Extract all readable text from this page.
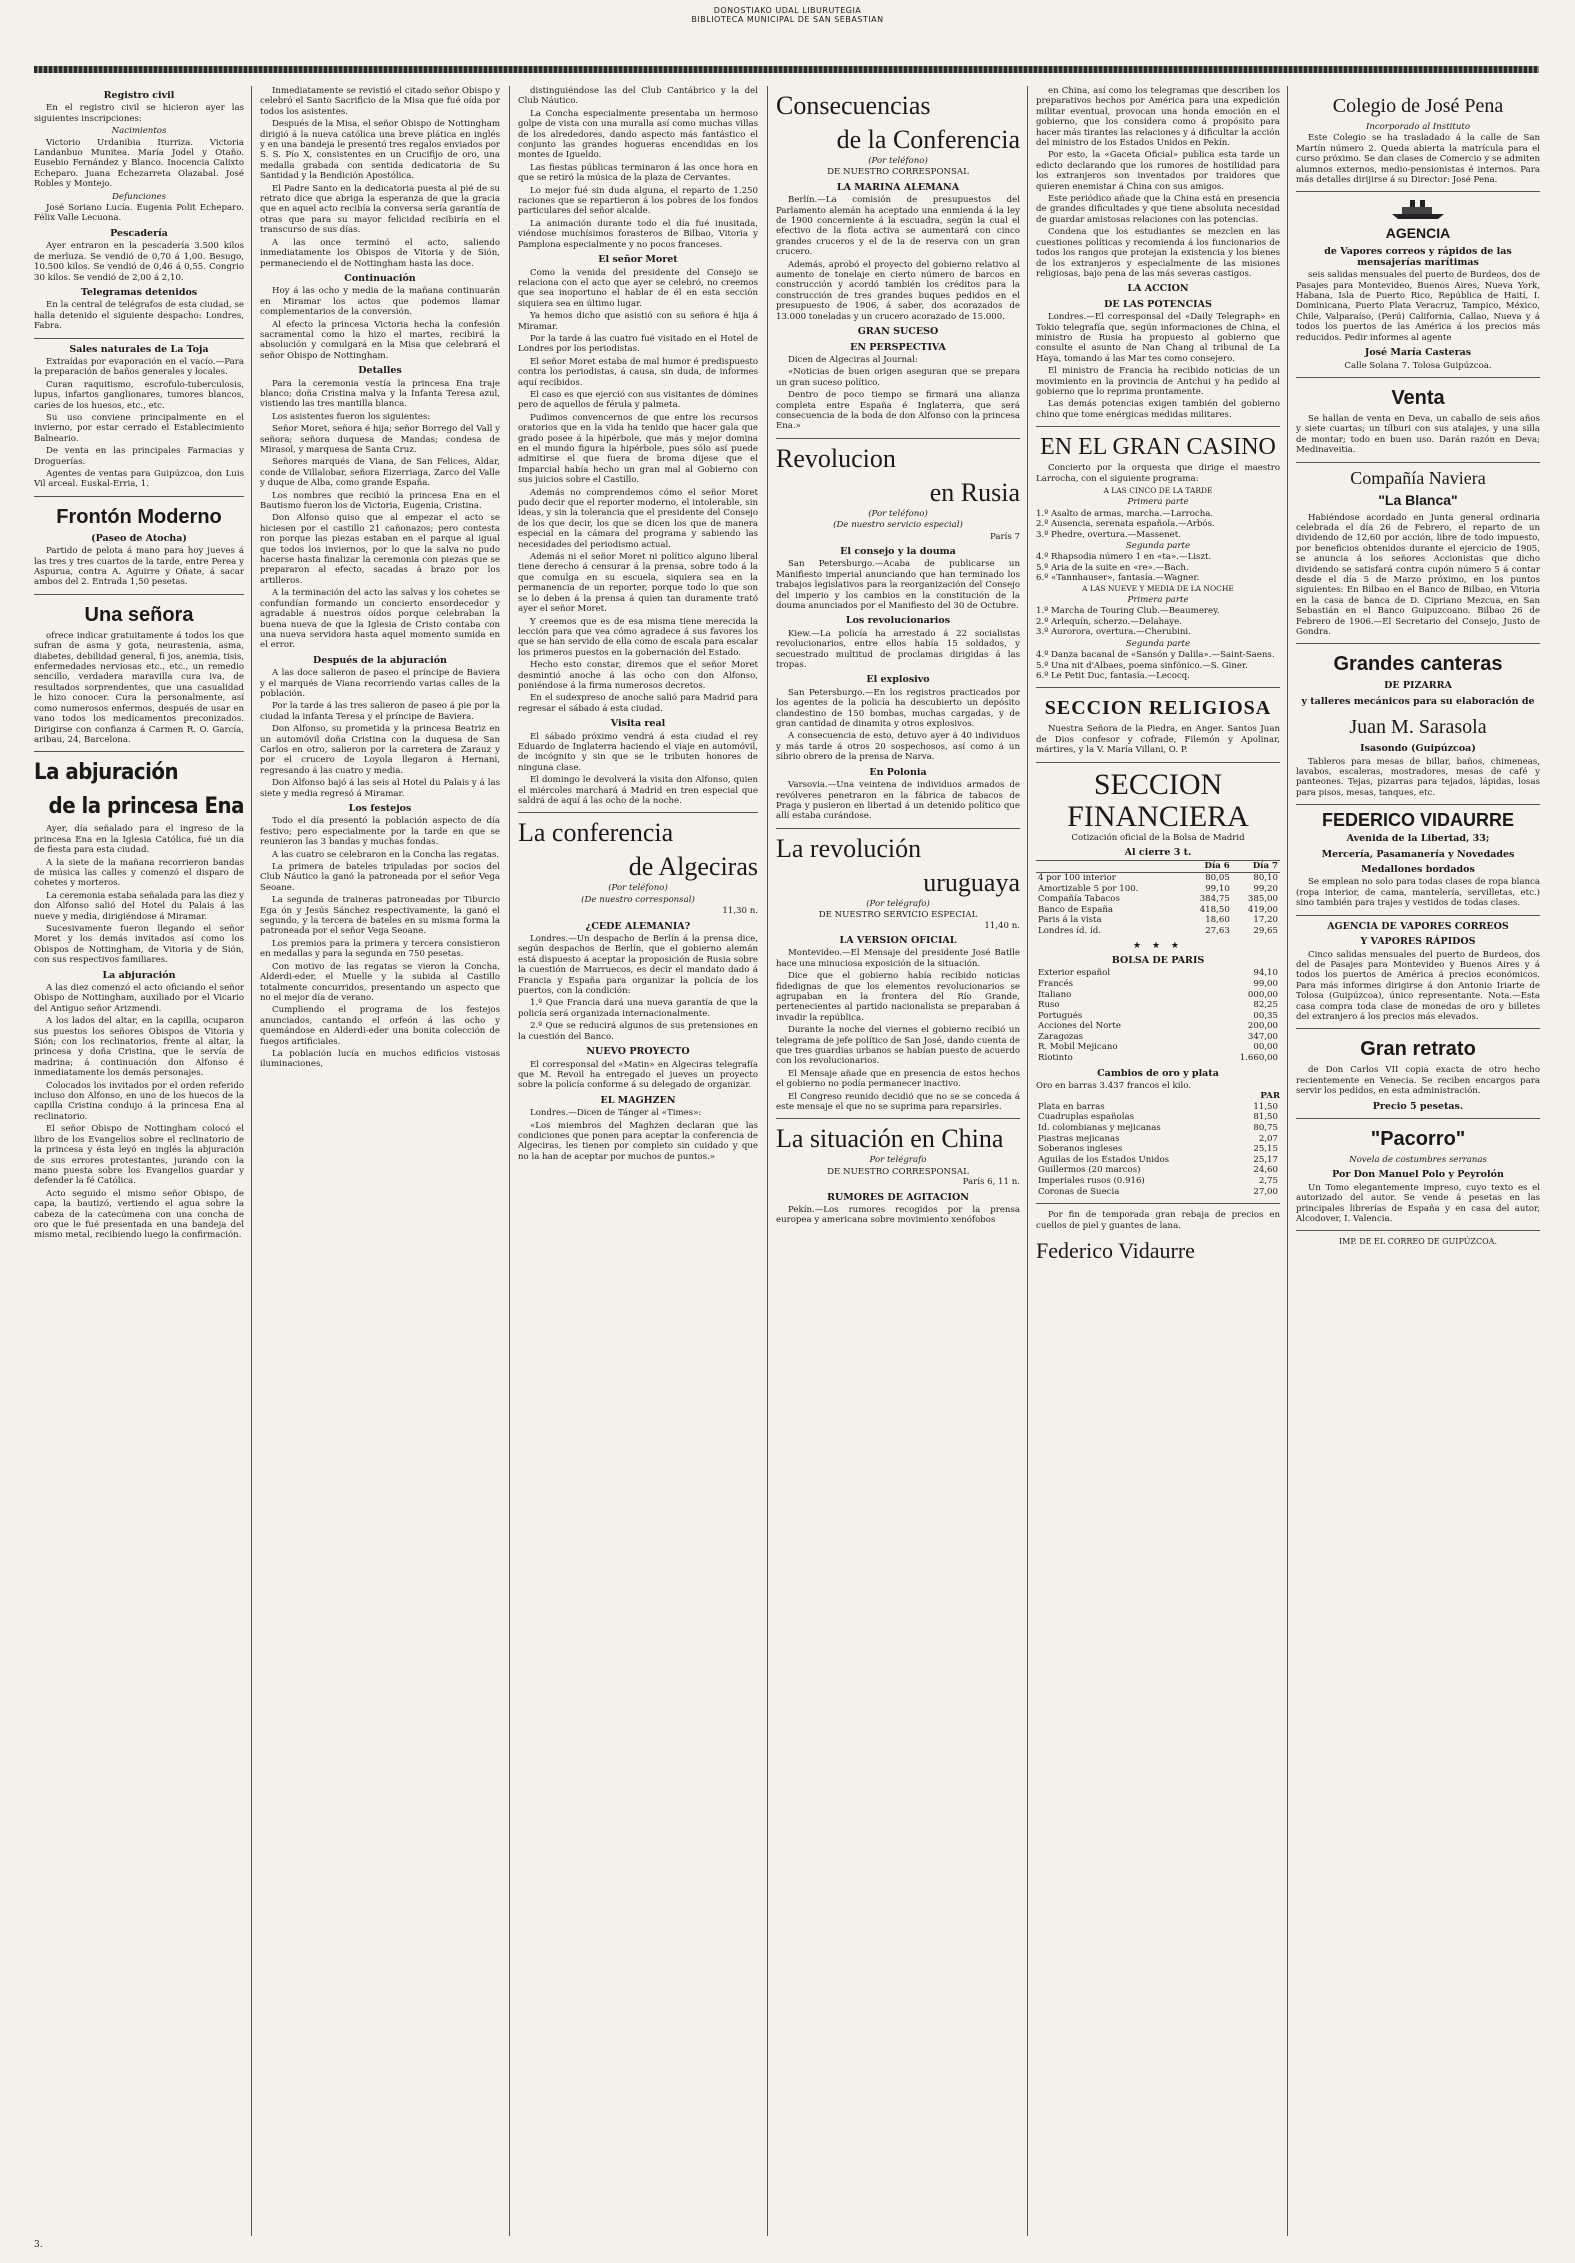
DONOSTIAKO UDAL LIBURUTEGIA
BIBLIOTECA MUNICIPAL DE SAN SEBASTIAN
Registro civil

En el registro civil se hicieron ayer las siguientes inscripciones:

Nacimientos

Victorio Urdanibia Iturriza. Victoria Landanbuo Munitea. María Jodel y Otaño. Eusebio Fernández y Blanco. Inocencia Calixto Echeparo. Juana Echezarreta Olazabal. José Robles y Montejo.

Defunciones

José Soriano Lucía. Eugenia Polit Echeparo. Félix Valle Lecuona.

Pescadería

Ayer entraron en la pescadería 3.500 kilos de merluza. Se vendió de 0,70 á 1,00. Besugo, 10.500 kilos. Se vendió de 0,46 á 0,55. Congrio 30 kilos. Se vendió de 2,00 á 2,10.

Telegramas detenidos

En la central de telégrafos de esta ciudad, se halla detenido el siguiente despacho: Londres, Fabra.

Sales naturales de La Toja

Extraídas por evaporación en el vacío.—Para la preparación de baños generales y locales.

Curan raquitismo, escrofulo-tuberculosis, lupus, infartos ganglionares, tumores blancos, caries de los huesos, etc., etc.

Su uso conviene principalmente en el invierno, por estar cerrado el Establecimiento Balneario.

De venta en las principales Farmacias y Droguerías.

Agentes de ventas para Guipúzcoa, don Luis Vil arceal. Euskal-Erria, 1.

Frontón Moderno
(Paseo de Atocha)

Partido de pelota á mano para hoy jueves á las tres y tres cuartos de la tarde, entre Perea y Aspurua, contra A. Aguirre y Oñate, á sacar ambos del 2. Entrada 1,50 pesetas.

Una señora

ofrece indicar gratuitamente á todos los que sufran de asma y gota, neurastenia, asma, diabetes, debilidad general, fi jos, anemia, tisis, enfermedades nerviosas etc., etc., un remedio sencillo, verdadera maravilla cura iva, de resultados sorprendentes, que una casualidad le hizo conocer. Cura la personalmente, así como numerosos enfermos, después de usar en vano todos los medicamentos preconizados. Dirigirse con confianza á Carmen R. O. García, aribau, 24, Barcelona.

La abjuración
de la princesa Ena

Ayer, día señalado para el ingreso de la princesa Ena en la Iglesia Católica, fué un día de fiesta para esta ciudad.

A la siete de la mañana recorrieron bandas de música las calles y comenzó el disparo de cohetes y morteros.

La ceremonia estaba señalada para las diez y don Alfonso salió del Hotel du Palais á las nueve y media, dirigiéndose á Miramar.

Sucesivamente fueron llegando el señor Moret y los demás invitados así como los Obispos de Nottingham, de Vitoria y de Sión, con sus respectivos familiares.

La abjuración

A las diez comenzó el acto oficiando el señor Obispo de Nottingham, auxiliado por el Vicario del Antiguo señor Arizmendi.

A los lados del altar, en la capilla, ocuparon sus puestos los señores Obispos de Vitoria y Sión; con los reclinatorios, frente al altar, la princesa y doña Cristina, que le servía de madrina; á continuación don Alfonso é inmediatamente los demás personajes.

Colocados los invitados por el orden referido incluso don Alfonso, en uno de los huecos de la capilla Cristina condujo á la princesa Ena al reclinatorio.

El señor Obispo de Nottingham colocó el libro de los Evangelios sobre el reclinatorio de la princesa y ésta leyó en inglés la abjuración de sus errores protestantes, jurando con la mano puesta sobre los Evangelios guardar y defender la fé Católica.

Acto seguido el mismo señor Obispo, de capa, la bautizó, vertiendo el agua sobre la cabeza de la catecúmena con una concha de oro que le fué presentada en una bandeja del mismo metal, recibiendo luego la confirmación.

Inmediatamente se revistió el citado señor Obispo y celebró el Santo Sacrificio de la Misa que fué oída por todos los asistentes.

Después de la Misa, el señor Obispo de Nottingham dirigió á la nueva católica una breve plática en inglés y en una bandeja le presentó tres regalos enviados por S. S. Pío X, consistentes en un Crucifijo de oro, una medalla grabada con sentida dedicatoria de Su Santidad y la Bendición Apostólica.

El Padre Santo en la dedicatoria puesta al pié de su retrato dice que abriga la esperanza de que la gracia que en aquel acto recibía la conversa sería garantía de otras que para su mayor felicidad recibiría en el transcurso de sus días.

A las once terminó el acto, saliendo inmediatamente los Obispos de Vitoria y de Sión, permaneciendo el de Nottingham hasta las doce.

Continuación

Hoy á las ocho y media de la mañana continuarán en Miramar los actos que podemos llamar complementarios de la conversión.

Al efecto la princesa Victoria hecha la confesión sacramental como la hizo el martes, recibirá la absolución y comulgará en la Misa que celebrará el señor Obispo de Nottingham.

Detalles

Para la ceremonia vestía la princesa Ena traje blanco; doña Cristina malva y la Infanta Teresa azul, vistiendo las tres mantilla blanca.

Los asistentes fueron los siguientes:

Señor Moret, señora é hija; señor Borrego del Vall y señora; señora duquesa de Mandas; condesa de Mirasol, y marquesa de Santa Cruz.

Señores marqués de Viana, de San Felices, Aldar, conde de Villalobar, señora Eizerriaga, Zarco del Valle y duque de Alba, como grande España.

Los nombres que recibió la princesa Ena en el Bautismo fueron los de Victoria, Eugenia, Cristina.

Don Alfonso quiso que al empezar el acto se hiciesen por el castillo 21 cañonazos; pero contesta ron porque las piezas estaban en el parque al igual que todos los inviernos, por lo que la salva no pudo hacerse hasta finalizar la ceremonia con piezas que se prepararon al efecto, sacadas á brazo por los artilleros.

A la terminación del acto las salvas y los cohetes se confundían formando un concierto ensordecedor y agradable á nuestros oídos porque celebraban la buena nueva de que la Iglesia de Cristo contaba con una nueva servidora hasta aquel momento sumida en el error.

Después de la abjuración

A las doce salieron de paseo el príncipe de Baviera y el marqués de Viana recorriendo varias calles de la población.

Por la tarde á las tres salieron de paseo á pie por la ciudad la infanta Teresa y el príncipe de Baviera.

Don Alfonso, su prometida y la princesa Beatriz en un automóvil doña Cristina con la duquesa de San Carlos en otro, salieron por la carretera de Zarauz y por el crucero de Loyola llegaron á Hernani, regresando á las cuatro y media.

Don Alfonso bajó á las seis al Hotel du Palais y á las siete y media regresó á Miramar.

Los festejos

Todo el día presentó la población aspecto de día festivo; pero especialmente por la tarde en que se reunieron las 3 bandas y muchas fondas.

A las cuatro se celebraron en la Concha las regatas.

La primera de bateles tripuladas por socios del Club Náutico la ganó la patroneada por el señor Vega Seoane.

La segunda de traineras patroneadas por Tiburcio Ega ón y Jesús Sánchez respectivamente, la ganó el segundo, y la tercera de bateles en su misma forma la patroneada por el señor Vega Seoane.

Los premios para la primera y tercera consistieron en medallas y para la segunda en 750 pesetas.

Con motivo de las regatas se vieron la Concha, Alderdi-eder, el Muelle y la subida al Castillo totalmente concurridos, presentando un aspecto que no el mejor día de verano.

Cumpliendo el programa de los festejos anunciados, cantando el orfeón á las ocho y quemándose en Alderdi-eder una bonita colección de fuegos artificiales.

La población lucía en muchos edificios vistosas iluminaciones,

distinguiéndose las del Club Cantábrico y la del Club Náutico.

La Concha especialmente presentaba un hermoso golpe de vista con una muralla así como muchas villas de los alrededores, dando aspecto más fantástico el conjunto las grandes hogueras encendidas en los montes de Igueldo.

Las fiestas públicas terminaron á las once hora en que se retiró la música de la plaza de Cervantes.

Lo mejor fué sin duda alguna, el reparto de 1.250 raciones que se repartieron á los pobres de los fondos particulares del señor alcalde.

La animación durante todo el día fué inusitada, viéndose muchísimos forasteros de Bilbao, Vitoria y Pamplona especialmente y no pocos franceses.

El señor Moret

Como la venida del presidente del Consejo se relaciona con el acto que ayer se celebró, no creemos que sea inoportuno el hablar de él en esta sección siquiera sea en último lugar.

Ya hemos dicho que asistió con su señora é hija á Miramar.

Por la tarde á las cuatro fué visitado en el Hotel de Londres por los periodistas.

El señor Moret estaba de mal humor é predispuesto contra los periodistas, á causa, sin duda, de informes aquí recibidos.

El caso es que ejerció con sus visitantes de dómines pero de aquellos de férula y palmeta.

Pudimos convencernos de que entre los recursos oratorios que en la vida ha tenido que hacer gala que grado posee á la hipérbole, que más y mejor domina en el mundo figura la hipérbole, pues sólo así puede admitirse el que fuera de broma dijese que el Imparcial había hecho un gran mal al Gobierno con sus juicios sobre el Castillo.

Además no comprendemos cómo el señor Moret pudo decir que el reporter moderno, el intolerable, sin ideas, y sin la tolerancia que el presidente del Consejo de los que decir, los que se dicen los que de manera especial en la cámara del programa y sabiendo las necesidades del periodismo actual.

Además ni el señor Moret ni político alguno liberal tiene derecho á censurar á la prensa, sobre todo á la que comulga en su escuela, siquiera sea en la permanencia de un reporter, porque todo lo que son se lo deben á la prensa á quien tan duramente trató ayer el señor Moret.

Y creemos que es de esa misma tiene merecida la lección para que vea cómo agradece á sus favores los que se han servido de ella como de escala para escalar los primeros puestos en la gobernación del Estado.

Hecho esto constar, diremos que el señor Moret desmintió anoche á las ocho con don Alfonso, poniéndose á la firma numerosos decretos.

En el sudexpreso de anoche salió para Madrid para regresar el sábado á esta ciudad.

Visita real

El sábado próximo vendrá á esta ciudad el rey Eduardo de Inglaterra haciendo el viaje en automóvil, de incógnito y sin que se le tributen honores de ninguna clase.

El domingo le devolverá la visita don Alfonso, quien el miércoles marchará á Madrid en tren especial que saldrá de aquí á las ocho de la noche.

La conferencia
de Algeciras
(Por teléfono)
(De nuestro corresponsal)
11,30 n.
¿CEDE ALEMANIA?

Londres.—Un despacho de Berlín á la prensa dice, según despachos de Berlín, que el gobierno alemán está dispuesto á aceptar la proposición de Rusia sobre la cuestión de Marruecos, es decir el mandato dado á Francia y España para organizar la policía de los puertos, con la condición:

1.º Que Francia dará una nueva garantía de que la policía será organizada internacionalmente.

2.º Que se reducirá algunos de sus pretensiones en la cuestión del Banco.

NUEVO PROYECTO

El corresponsal del «Matin» en Algeciras telegrafía que M. Revoil ha entregado el jueves un proyecto sobre la policía conforme á su delegado de organizar.

EL MAGHZEN

Londres.—Dicen de Tánger al «Times»:

«Los miembros del Maghzen declaran que las condiciones que ponen para aceptar la conferencia de Algeciras, les tienen por completo sin cuidado y que no la han de aceptar por muchos de puntos.»

Consecuencias
de la Conferencia
(Por teléfono)
DE NUESTRO CORRESPONSAL
LA MARINA ALEMANA

Berlín.—La comisión de presupuestos del Parlamento alemán ha aceptado una enmienda á la ley de 1900 concerniente á la escuadra, según la cual el efectivo de la flota activa se aumentará con cinco grandes cruceros y el de la de reserva con un gran crucero.

Además, aprobó el proyecto del gobierno relativo al aumento de tonelaje en cierto número de barcos en construcción y acordó también los créditos para la construcción de tres grandes buques pedidos en el presupuesto de 1906, á saber, dos acorazados de 13.000 toneladas y un crucero acorazado de 15.000.

GRAN SUCESO
EN PERSPECTIVA

Dicen de Algeciras al Journal:

«Noticias de buen origen aseguran que se prepara un gran suceso político.

Dentro de poco tiempo se firmará una alianza completa entre España é Inglaterra, que será consecuencia de la boda de don Alfonso con la princesa Ena.»

Revolucion
en Rusia
(Por teléfono)
(De nuestro servicio especial)
París 7
El consejo y la douma

San Petersburgo.—Acaba de publicarse un Manifiesto imperial anunciando que han terminado los trabajos legislativos para la reorganización del Consejo del imperio y los cambios en la constitución de la douma anunciados por el Manifiesto del 30 de Octubre.

Los revolucionarios

Kiew.—La policía ha arrestado á 22 socialistas revolucionarios, entre ellos había 15 soldados, y secuestrado multitud de proclamas dirigidas á las tropas.

El explosivo

San Petersburgo.—En los registros practicados por los agentes de la policía ha descubierto un depósito clandestino de 150 bombas, muchas cargadas, y de gran cantidad de dinamita y otros explosivos.

A consecuencia de esto, detuvo ayer á 40 individuos y más tarde á otros 20 sospechosos, así como á un sibrio obrero de la prensa de Narva.

En Polonia

Varsovia.—Una veintena de individuos armados de revólveres penetraron en la fábrica de tabacos de Praga y pusieron en libertad á un detenido político que allí estaba curándose.

La revolución
uruguaya
(Por telégrafo)
DE NUESTRO SERVICIO ESPECIAL
11,40 n.
LA VERSION OFICIAL

Montevideo.—El Mensaje del presidente José Batlle hace una minuciosa exposición de la situación.

Dice que el gobierno había recibido noticias fidedignas de que los elementos revolucionarios se agrupaban en la frontera del Río Grande, pertenecientes al partido nacionalista se preparaban á invadir la república.

Durante la noche del viernes el gobierno recibió un telegrama de jefe político de San José, dando cuenta de que tres guardias urbanos se habían puesto de acuerdo con los revolucionarios.

El Mensaje añade que en presencia de estos hechos el gobierno no podía permanecer inactivo.

El Congreso reunido decidió que no se se conceda á este mensaje el que no se suprima para reparsirles.

La situación en China
Por telégrafo
DE NUESTRO CORRESPONSAL
París 6, 11 n.
RUMORES DE AGITACION

Pekín.—Los rumores recogidos por la prensa europea y americana sobre movimiento xenófobos

en China, así como los telegramas que describen los preparativos hechos por América para una expedición militar eventual, provocan una honda emoción en el gobierno, que los considera como á propósito para hacer más tirantes las relaciones y á dificultar la acción del ministro de los Estados Unidos en Pekín.

Por esto, la «Gaceta Oficial» publica esta tarde un edicto declarando que los rumores de hostilidad para los extranjeros son inventados por traidores que quieren enemistar á China con sus amigos.

Este periódico añade que la China está en presencia de grandes dificultades y que tiene absoluta necesidad de guardar amistosas relaciones con las potencias.

Condena que los estudiantes se mezclen en las cuestiones políticas y recomienda á los funcionarios de todos los rangos que protejan la existencia y los bienes de los extranjeros y especialmente de las misiones religiosas, bajo pena de las más severas castigos.

LA ACCION
DE LAS POTENCIAS

Londres.—El corresponsal del «Daily Telegraph» en Tokio telegrafía que, según informaciones de China, el ministro de Rusia ha propuesto al gobierno que consulte el asunto de Nan Chang al tribunal de La Haya, tomando á las Mar tes como consejero.

El ministro de Francia ha recibido noticias de un movimiento en la provincia de Antchui y ha pedido al gobierno que lo reprima prontamente.

Las demás potencias exigen también del gobierno chino que tome enérgicas medidas militares.

EN EL GRAN CASINO

Concierto por la orquesta que dirige el maestro Larrocha, con el siguiente programa:

A LAS CINCO DE LA TARDE
Primera parte
1.º Asalto de armas, marcha.—Larrocha.
2.º Ausencia, serenata española.—Arbós.
3.º Phedre, overtura.—Massenet.
Segunda parte
4.º Rhapsodia número 1 en «ta».—Liszt.
5.º Aria de la suite en «re».—Bach.
6.º «Tannhauser», fantasía.—Wagner.
A LAS NUEVE Y MEDIA DE LA NOCHE
Primera parte
1.º Marcha de Touring Club.—Beaumerey.
2.º Arlequín, scherzo.—Delahaye.
3.º Aurorora, overtura.—Cherubini.
Segunda parte
4.º Danza bacanal de «Sansón y Dalila».—Saint-Saens.
5.º Una nit d'Albaes, poema sinfónico.—S. Giner.
6.º Le Petit Duc, fantasía.—Lecocq.
SECCION RELIGIOSA

Nuestra Señora de la Piedra, en Anger. Santos Juan de Dios confesor y cofrade, Filemón y Apolinar, mártires, y la V. María Villani, O. P.

SECCION
FINANCIERA
Cotización oficial de la Bolsa de Madrid
Al cierre 3 t.
	Día 6	Día 7
4 por 100 interior	80,05	80,10
Amortizable 5 por 100.	99,10	99,20
Compañía Tabacos	384,75	385,00
Banco de España	418,50	419,00
Paris á la vista	18,60	17,20
Londres íd. íd.	27,63	29,65
★ ★ ★
BOLSA DE PARIS
Exterior español	94,10
Francés	99,00
Italiano	000,00
Ruso	82,25
Portugués	00,35
Acciones del Norte	200,00
Zaragozas	347,00
R. Mobil Mejicano	00,00
Riotinto	1.660,00
Cambios de oro y plata
Oro en barras 3.437 francos el kilo.
PAR
Plata en barras	11,50
Cuadruplas españolas	81,50
Id. colombianas y mejicanas	80,75
Piastras mejicanas	2,07
Soberanos ingleses	25,15
Aguilas de los Estados Unidos	25,17
Guillermos (20 marcos)	24,60
Imperiales rusos (0.916)	2,75
Coronas de Suecia	27,00

Por fin de temporada gran rebaja de precios en cuellos de piel y guantes de lana.

Federico Vidaurre
Colegio de José Pena
Incorporado al Instituto

Este Colegio se ha trasladado á la calle de San Martín número 2. Queda abierta la matrícula para el curso próximo. Se dan clases de Comercio y se admiten alumnos externos, medio-pensionistas é internos. Para más detalles dirijirse á su Director: José Pena.

AGENCIA
de Vapores correos y rápidos de las mensajerías marítimas

seis salidas mensuales del puerto de Burdeos, dos de Pasajes para Montevideo, Buenos Aires, Nueva York, Habana, Isla de Puerto Rico, República de Haití, I. Dominicana, Puerto Plata Veracruz, Tampico, México, Chile, Valparaíso, (Perú) California, Callao, Nueva y á todos los puertos de las América á los precios más reducidos. Pedir informes al agente

José María Casteras
Calle Solana 7. Tolosa Guipúzcoa.
Venta

Se hallan de venta en Deva, un caballo de seis años y siete cuartas; un tílburi con sus atalajes, y una silla de montar; todo en buen uso. Darán razón en Deva; Medinaveitia.

Compañía Naviera
"La Blanca"

Habiéndose acordado en Junta general ordinaria celebrada el día 26 de Febrero, el reparto de un dividendo de 12,60 por acción, libre de todo impuesto, por beneficios obtenidos durante el ejercicio de 1905, se anuncia á los señores Accionistas que dicho dividendo se satisfará contra cupón número 5 á contar desde el día 5 de Marzo próximo, en los puntos siguientes: En Bilbao en el Banco de Bilbao, en Vitoria en la casa de banca de D. Cipriano Mezcua, en San Sebastián en el Banco Guipuzcoano. Bilbao 26 de Febrero de 1906.—El Secretario del Consejo, Justo de Gondra.

Grandes canteras
DE PIZARRA
y talleres mecánicos para su elaboración de
Juan M. Sarasola
Isasondo (Guipúzcoa)

Tableros para mesas de billar, baños, chimeneas, lavabos, escaleras, mostradores, mesas de café y panteones. Tejas, pizarras para tejados, lápidas, losas para pisos, mesas, tanques, etc.

FEDERICO VIDAURRE
Avenida de la Libertad, 33;
Mercería, Pasamanería y Novedades
Medallones bordados

Se emplean no solo para todas clases de ropa blanca (ropa interior, de cama, mantelería, servilletas, etc.) sino también para trajes y vestidos de todas clases.

AGENCIA DE VAPORES CORREOS
Y VAPORES RÁPIDOS

Cinco salidas mensuales del puerto de Burdeos, dos del de Pasajes para Montevideo y Buenos Aires y á todos los puertos de América á precios económicos. Para más informes dirigirse á don Antonio Iriarte de Tolosa (Guipúzcoa), único representante. Nota.—Esta casa compra toda clase de monedas de oro y billetes del extranjero á los precios más elevados.

Gran retrato

de Don Carlos VII copia exacta de otro hecho recientemente en Venecia. Se reciben encargos para servir los pedidos, en esta administración.

Precio 5 pesetas.
"Pacorro"
Novela de costumbres serranas
Por Don Manuel Polo y Peyrolón

Un Tomo elegantemente impreso, cuyo texto es el autorizado del autor. Se vende á pesetas en las principales librerías de España y en casa del autor, Alcodover, I. Valencia.

IMP. DE EL CORREO DE GUIPÚZCOA.
3.
